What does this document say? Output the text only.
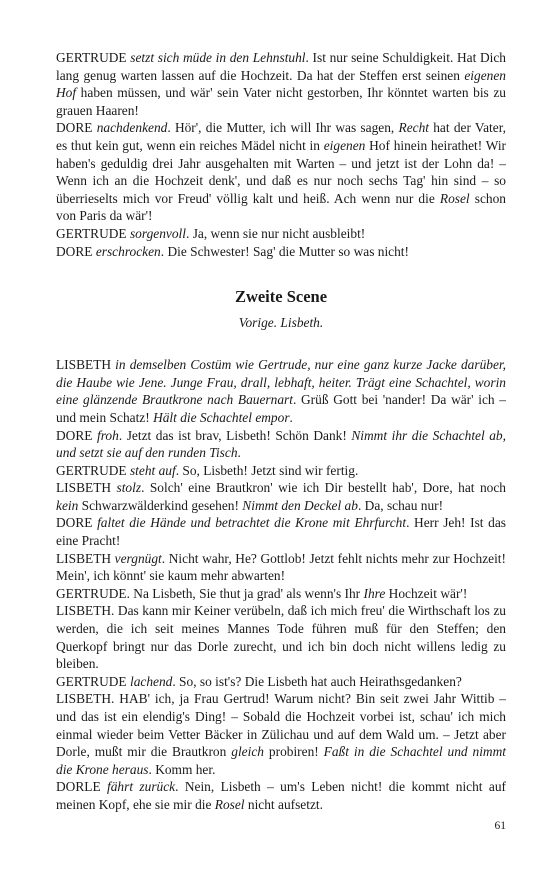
GERTRUDE setzt sich müde in den Lehnstuhl. Ist nur seine Schuldigkeit. Hat Dich lang genug warten lassen auf die Hochzeit. Da hat der Steffen erst seinen eigenen Hof haben müssen, und wär' sein Vater nicht gestorben, Ihr könntet warten bis zu grauen Haaren!

DORE nachdenkend. Hör', die Mutter, ich will Ihr was sagen, Recht hat der Vater, es thut kein gut, wenn ein reiches Mädel nicht in eigenen Hof hinein heirathet! Wir haben's geduldig drei Jahr ausgehalten mit Warten – und jetzt ist der Lohn da! – Wenn ich an die Hochzeit denk', und daß es nur noch sechs Tag' hin sind – so überrieselts mich vor Freud' völlig kalt und heiß. Ach wenn nur die Rosel schon von Paris da wär'!

GERTRUDE sorgenvoll. Ja, wenn sie nur nicht ausbleibt!

DORE erschrocken. Die Schwester! Sag' die Mutter so was nicht!

Zweite Scene
Vorige. Lisbeth.

LISBETH in demselben Costüm wie Gertrude, nur eine ganz kurze Jacke darüber, die Haube wie Jene. Junge Frau, drall, lebhaft, heiter. Trägt eine Schachtel, worin eine glänzende Brautkrone nach Bauernart. Grüß Gott bei 'nander! Da wär' ich – und mein Schatz! Hält die Schachtel empor.

DORE froh. Jetzt das ist brav, Lisbeth! Schön Dank! Nimmt ihr die Schachtel ab, und setzt sie auf den runden Tisch.

GERTRUDE steht auf. So, Lisbeth! Jetzt sind wir fertig.

LISBETH stolz. Solch' eine Brautkron' wie ich Dir bestellt hab', Dore, hat noch kein Schwarzwälderkind gesehen! Nimmt den Deckel ab. Da, schau nur!

DORE faltet die Hände und betrachtet die Krone mit Ehrfurcht. Herr Jeh! Ist das eine Pracht!

LISBETH vergnügt. Nicht wahr, He? Gottlob! Jetzt fehlt nichts mehr zur Hochzeit! Mein', ich könnt' sie kaum mehr abwarten!

GERTRUDE. Na Lisbeth, Sie thut ja grad' als wenn's Ihr Ihre Hochzeit wär'!

LISBETH. Das kann mir Keiner verübeln, daß ich mich freu' die Wirthschaft los zu werden, die ich seit meines Mannes Tode führen muß für den Steffen; den Querkopf bringt nur das Dorle zurecht, und ich bin doch nicht willens ledig zu bleiben.

GERTRUDE lachend. So, so ist's? Die Lisbeth hat auch Heirathsgedanken?

LISBETH. HAB' ich, ja Frau Gertrud! Warum nicht? Bin seit zwei Jahr Wittib – und das ist ein elendig's Ding! – Sobald die Hochzeit vorbei ist, schau' ich mich einmal wieder beim Vetter Bäcker in Zülichau und auf dem Wald um. – Jetzt aber Dorle, mußt mir die Brautkron gleich probiren! Faßt in die Schachtel und nimmt die Krone heraus. Komm her.

DORLE fährt zurück. Nein, Lisbeth – um's Leben nicht! die kommt nicht auf meinen Kopf, ehe sie mir die Rosel nicht aufsetzt.

61
